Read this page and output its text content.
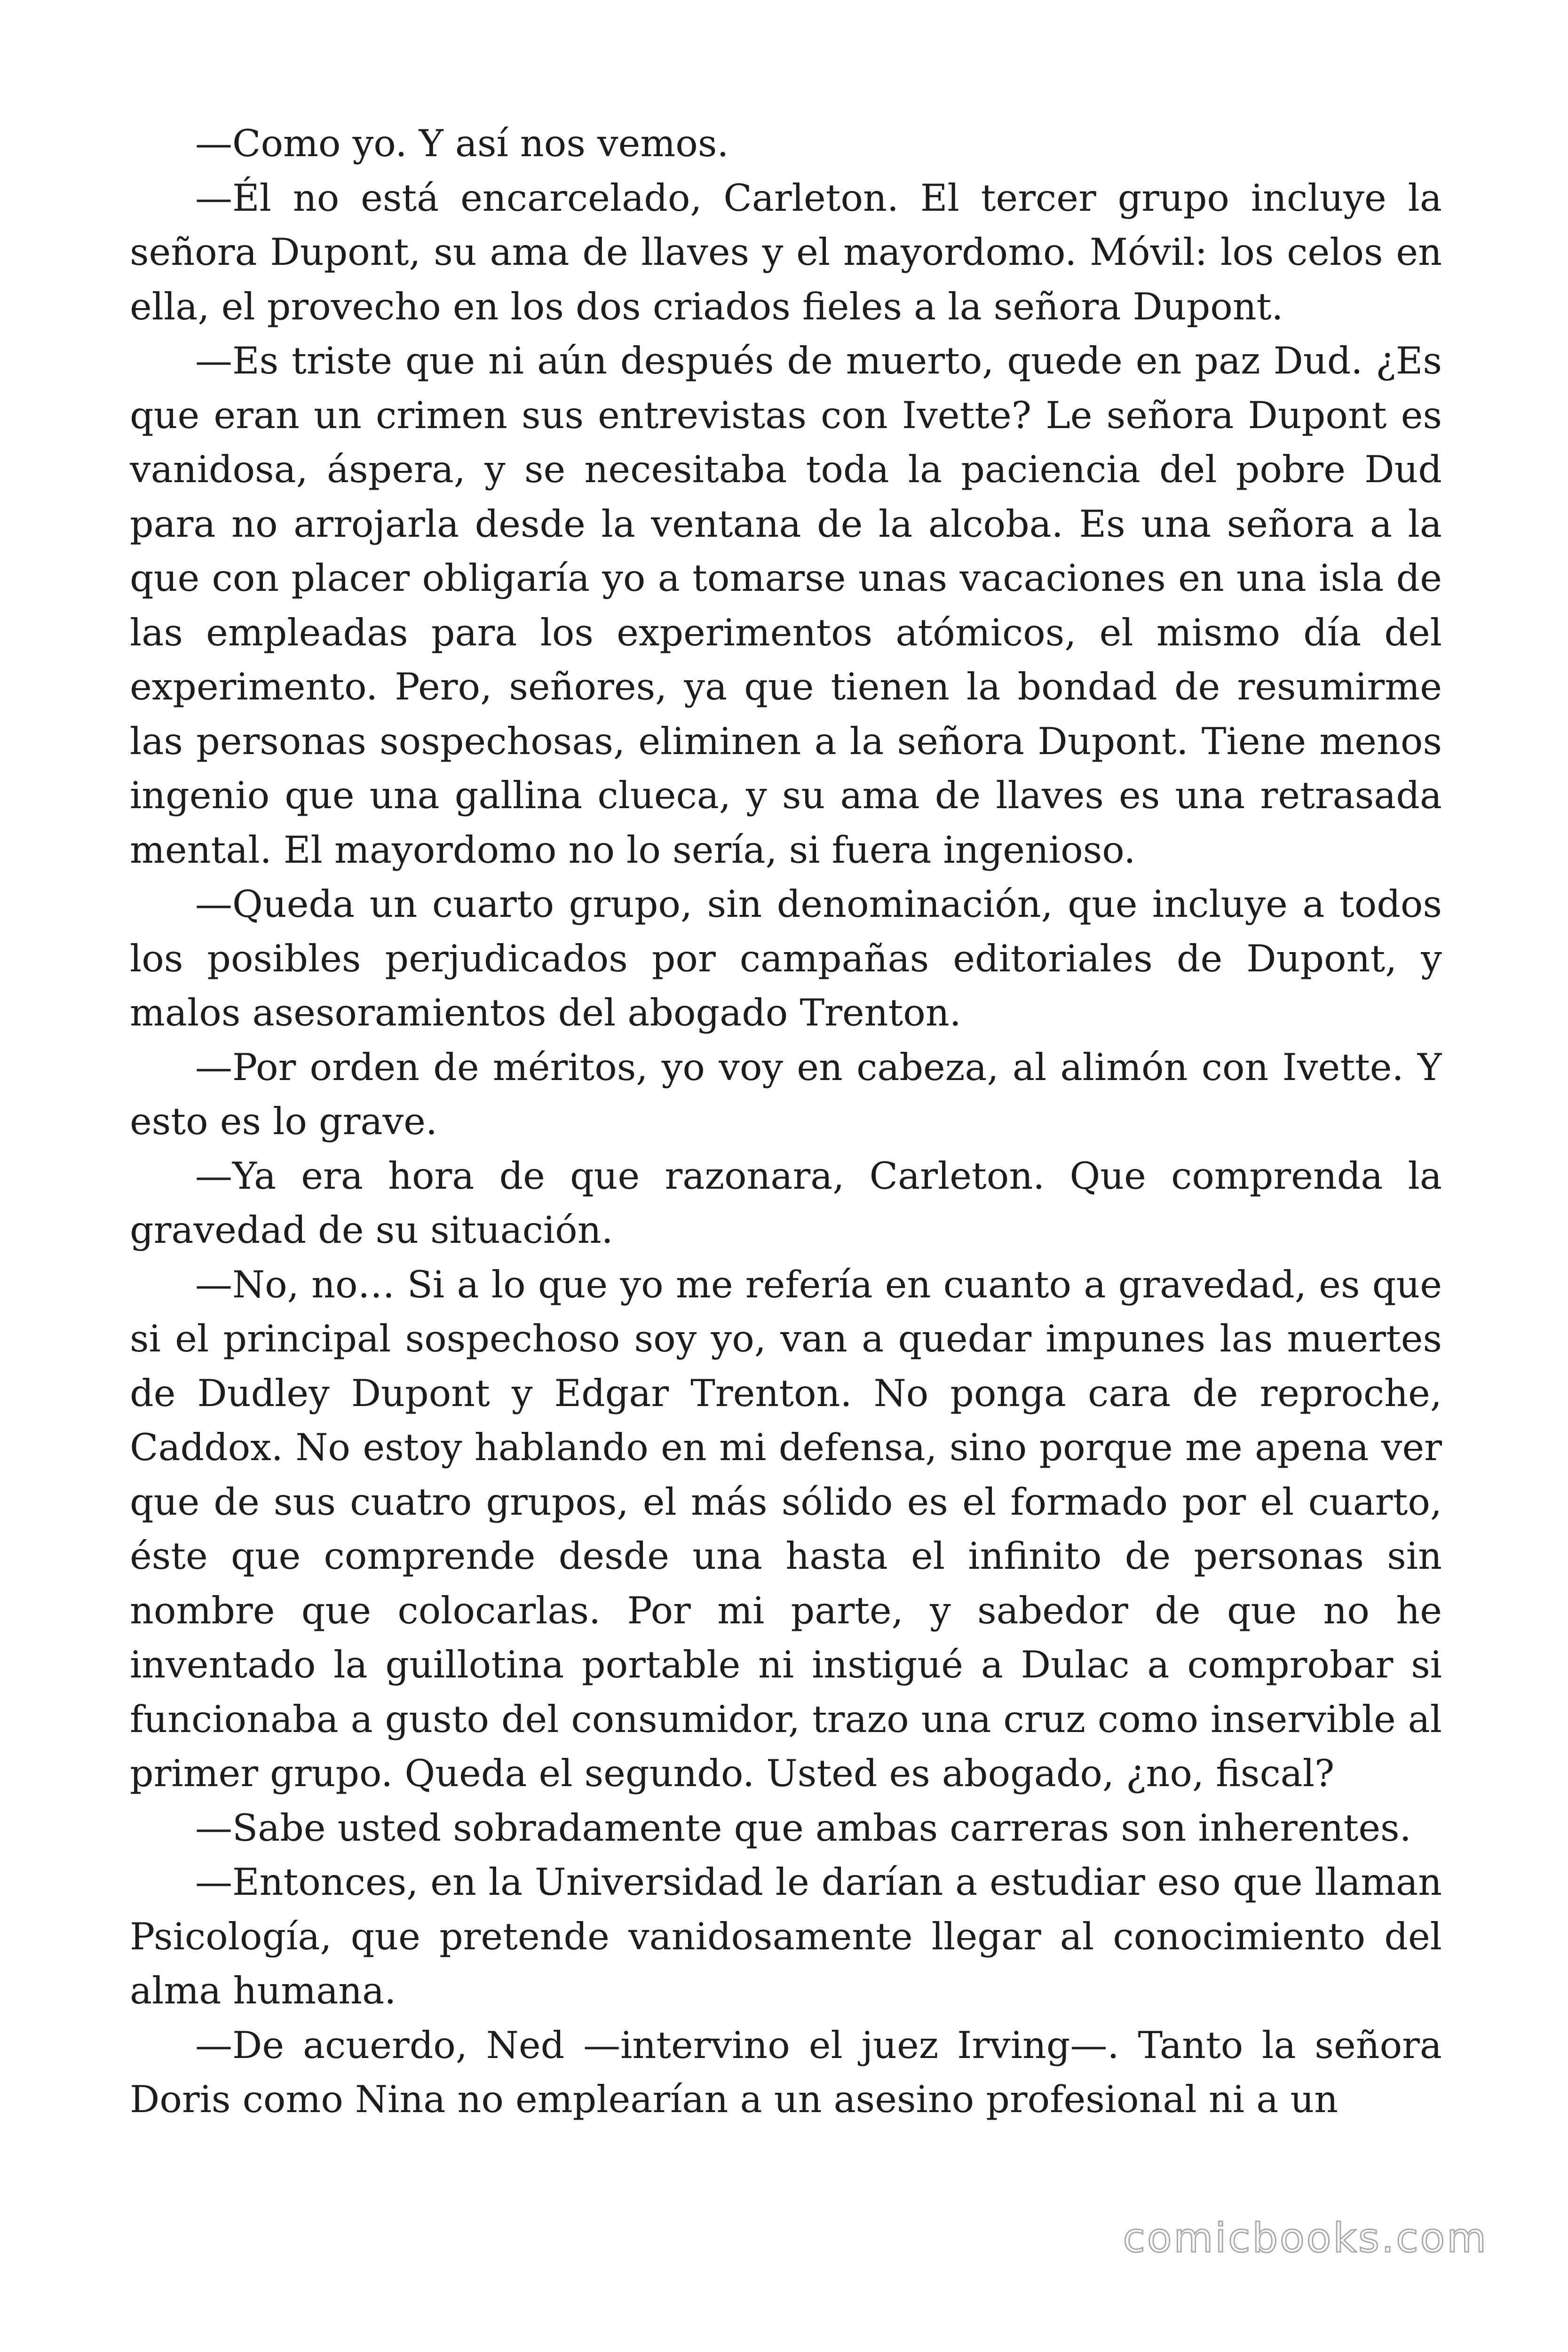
—Como yo. Y así nos vemos.

—Él no está encarcelado, Carleton. El tercer grupo incluye la señora Dupont, su ama de llaves y el mayordomo. Móvil: los celos en ella, el provecho en los dos criados fieles a la señora Dupont.

—Es triste que ni aún después de muerto, quede en paz Dud. ¿Es que eran un crimen sus entrevistas con Ivette? Le señora Dupont es vanidosa, áspera, y se necesitaba toda la paciencia del pobre Dud para no arrojarla desde la ventana de la alcoba. Es una señora a la que con placer obligaría yo a tomarse unas vacaciones en una isla de las empleadas para los experimentos atómicos, el mismo día del experimento. Pero, señores, ya que tienen la bondad de resumirme las personas sospechosas, eliminen a la señora Dupont. Tiene menos ingenio que una gallina clueca, y su ama de llaves es una retrasada mental. El mayordomo no lo sería, si fuera ingenioso.

—Queda un cuarto grupo, sin denominación, que incluye a todos los posibles perjudicados por campañas editoriales de Dupont, y malos asesoramientos del abogado Trenton.

—Por orden de méritos, yo voy en cabeza, al alimón con Ivette. Y esto es lo grave.

—Ya era hora de que razonara, Carleton. Que comprenda la gravedad de su situación.

—No, no… Si a lo que yo me refería en cuanto a gravedad, es que si el principal sospechoso soy yo, van a quedar impunes las muertes de Dudley Dupont y Edgar Trenton. No ponga cara de reproche, Caddox. No estoy hablando en mi defensa, sino porque me apena ver que de sus cuatro grupos, el más sólido es el formado por el cuarto, éste que comprende desde una hasta el infinito de personas sin nombre que colocarlas. Por mi parte, y sabedor de que no he inventado la guillotina portable ni instigué a Dulac a comprobar si funcionaba a gusto del consumidor, trazo una cruz como inservible al primer grupo. Queda el segundo. Usted es abogado, ¿no, fiscal?

—Sabe usted sobradamente que ambas carreras son inherentes.

—Entonces, en la Universidad le darían a estudiar eso que llaman Psicología, que pretende vanidosamente llegar al conocimiento del alma humana.

—De acuerdo, Ned —intervino el juez Irving—. Tanto la señora Doris como Nina no emplearían a un asesino profesional ni a un

comicbooks.com
